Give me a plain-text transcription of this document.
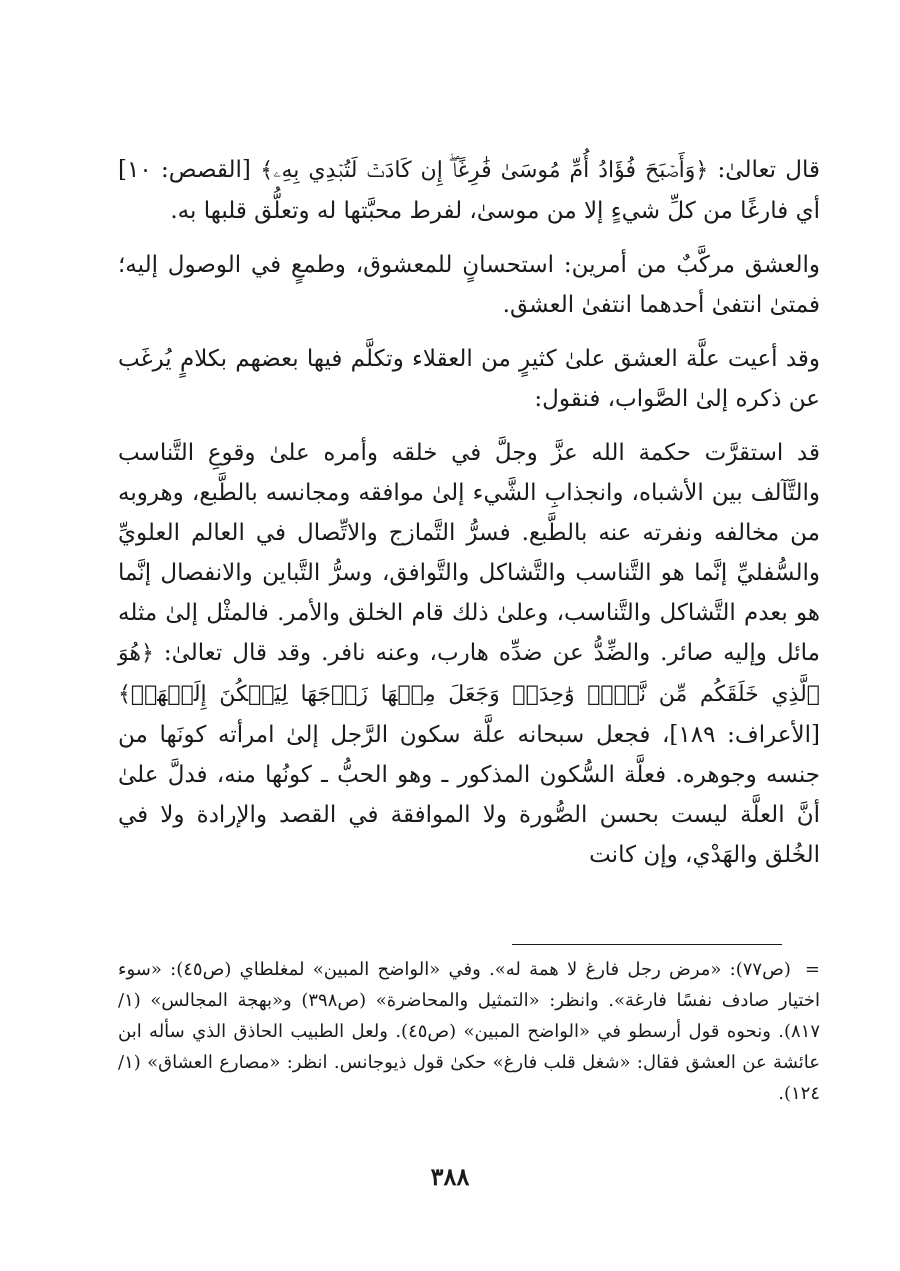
قال تعالىٰ: ﴿وَأَصۡبَحَ فُؤَادُ أُمِّ مُوسَىٰ فَٰرِغًاۖ إِن كَادَتۡ لَتُبۡدِي بِهِۦ﴾ [القصص: ١٠] أي فارغًا من كلِّ شيءٍ إلا من موسىٰ، لفرط محبَّتها له وتعلُّق قلبها به.

والعشق مركَّبٌ من أمرين: استحسانٍ للمعشوق، وطمعٍ في الوصول إليه؛ فمتىٰ انتفىٰ أحدهما انتفىٰ العشق.

وقد أعيت علَّة العشق علىٰ كثيرٍ من العقلاء وتكلَّم فيها بعضهم بكلامٍ يُرغَب عن ذكره إلىٰ الصَّواب، فنقول:

قد استقرَّت حكمة الله عزَّ وجلَّ في خلقه وأمره علىٰ وقوعِ التَّناسب والتَّآلف بين الأشباه، وانجذابِ الشَّيء إلىٰ موافقه ومجانسه بالطَّبع، وهروبه من مخالفه ونفرته عنه بالطَّبع. فسرُّ التَّمازج والاتِّصال في العالم العلويِّ والسُّفليِّ إنَّما هو التَّناسب والتَّشاكل والتَّوافق، وسرُّ التَّباين والانفصال إنَّما هو بعدم التَّشاكل والتَّناسب، وعلىٰ ذلك قام الخلق والأمر. فالمثْل إلىٰ مثله مائل وإليه صائر. والضِّدُّ عن ضدِّه هارب، وعنه نافر. وقد قال تعالىٰ: ﴿هُوَ ٱلَّذِي خَلَقَكُم مِّن نَّفۡسٖ وَٰحِدَةٖ وَجَعَلَ مِنۡهَا زَوۡجَهَا لِيَسۡكُنَ إِلَيۡهَاۖ﴾ [الأعراف: ١٨٩]، فجعل سبحانه علَّة سكون الرَّجل إلىٰ امرأته كونَها من جنسه وجوهره. فعلَّة السُّكون المذكور ـ وهو الحبُّ ـ كونُها منه، فدلَّ علىٰ أنَّ العلَّة ليست بحسن الصُّورة ولا الموافقة في القصد والإرادة ولا في الخُلق والهَدْي، وإن كانت

=(ص٧٧): «مرض رجل فارغ لا همة له». وفي «الواضح المبين» لمغلطاي (ص٤٥): «سوء اختيار صادف نفسًا فارغة». وانظر: «التمثيل والمحاضرة» (ص٣٩٨) و«بهجة المجالس» (١/ ٨١٧). ونحوه قول أرسطو في «الواضح المبين» (ص٤٥). ولعل الطبيب الحاذق الذي سأله ابن عائشة عن العشق فقال: «شغل قلب فارغ» حكىٰ قول ذيوجانس. انظر: «مصارع العشاق» (١/ ١٢٤).
٣٨٨
